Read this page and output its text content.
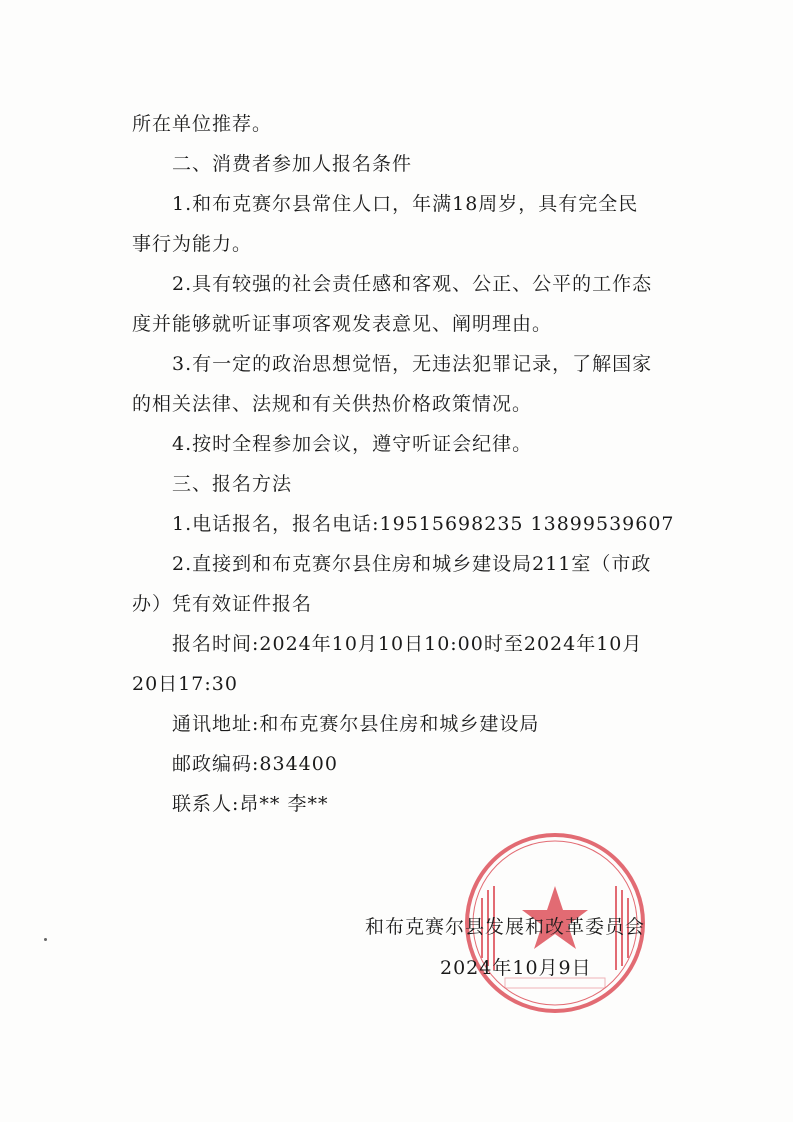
所在单位推荐。
二、消费者参加人报名条件
1.和布克赛尔县常住人口，年满18周岁，具有完全民
事行为能力。
2.具有较强的社会责任感和客观、公正、公平的工作态
度并能够就听证事项客观发表意见、阐明理由。
3.有一定的政治思想觉悟，无违法犯罪记录，了解国家
的相关法律、法规和有关供热价格政策情况。
4.按时全程参加会议，遵守听证会纪律。
三、报名方法
1.电话报名，报名电话:19515698235 13899539607
2.直接到和布克赛尔县住房和城乡建设局211室（市政
办）凭有效证件报名
报名时间:2024年10月10日10:00时至2024年10月
20日17:30
通讯地址:和布克赛尔县住房和城乡建设局
邮政编码:834400
联系人:昂** 李**
和布克赛尔县发展和改革委员会
2024年10月9日
